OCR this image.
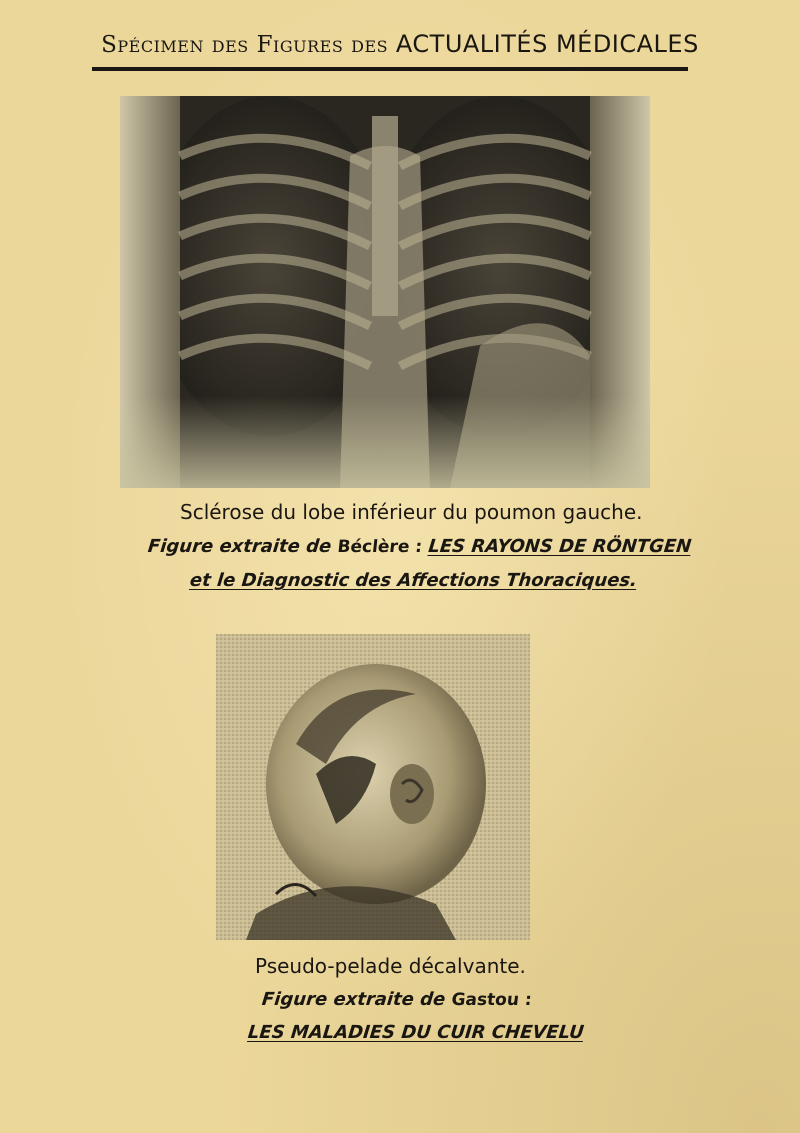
Spécimen des Figures des ACTUALITÉS MÉDICALES
Sclérose du lobe inférieur du poumon gauche.
Figure extraite de Béclère : LES RAYONS DE RÖNTGEN
et le Diagnostic des Affections Thoraciques.
Pseudo-pelade décalvante.
Figure extraite de Gastou :
LES MALADIES DU CUIR CHEVELU
